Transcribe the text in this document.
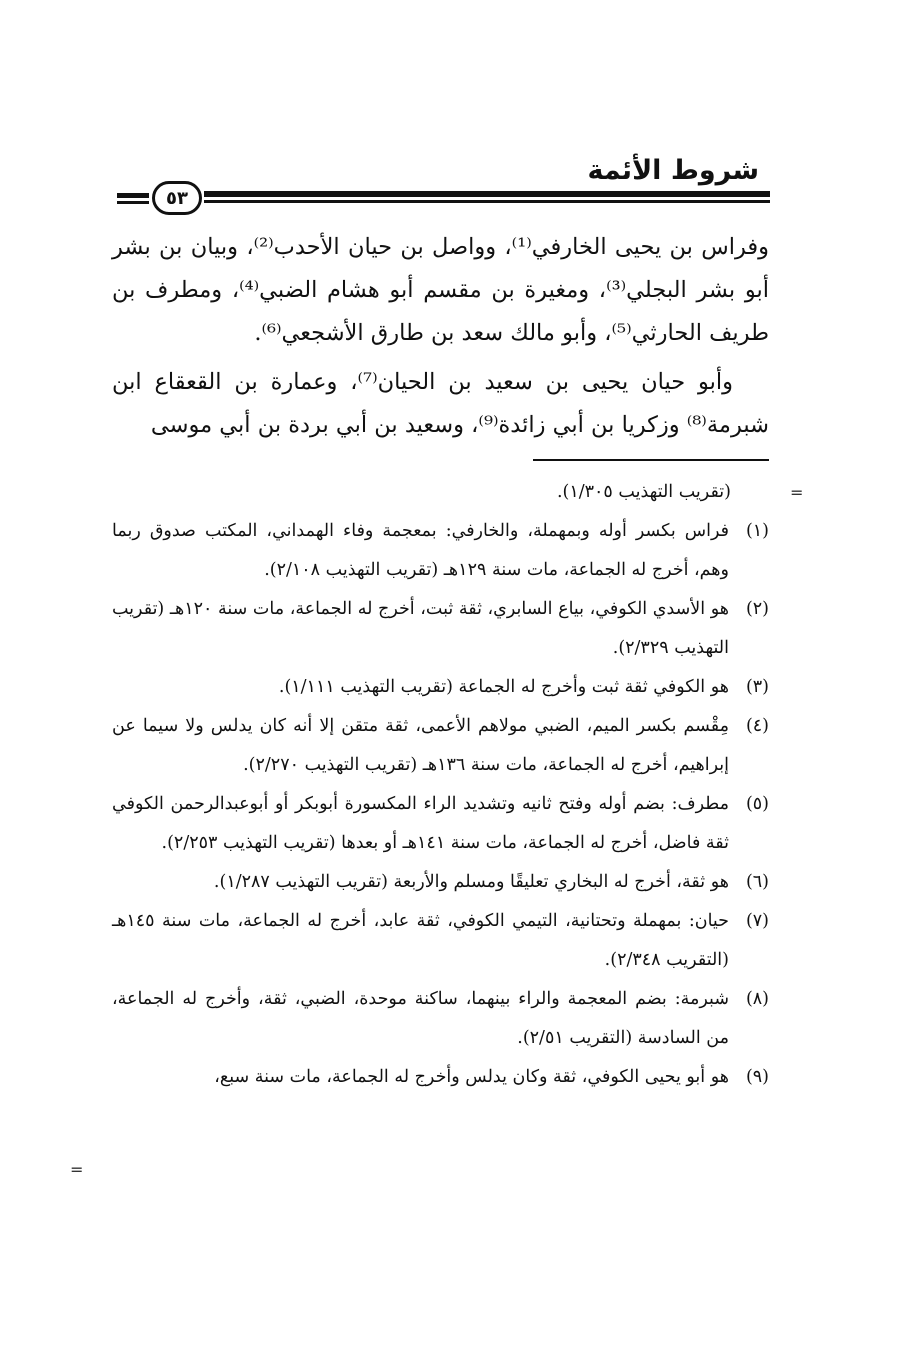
شروط الأئمة
٥٣

وفراس بن يحيى الخارفي⁽¹⁾، وواصل بن حيان الأحدب⁽²⁾، وبيان بن بشر أبو بشر البجلي⁽³⁾، ومغيرة بن مقسم أبو هشام الضبي⁽⁴⁾، ومطرف بن طريف الحارثي⁽⁵⁾، وأبو مالك سعد بن طارق الأشجعي⁽⁶⁾.

وأبو حيان يحيى بن سعيد بن الحيان⁽⁷⁾، وعمارة بن القعقاع ابن شبرمة⁽⁸⁾ وزكريا بن أبي زائدة⁽⁹⁾، وسعيد بن أبي بردة بن أبي موسى

=
=

(تقريب التهذيب ١/٣٠٥).

(١)
فراس بكسر أوله وبمهملة، والخارفي: بمعجمة وفاء الهمداني، المكتب صدوق ربما وهم، أخرج له الجماعة، مات سنة ١٢٩هـ (تقريب التهذيب ٢/١٠٨).
(٢)
هو الأسدي الكوفي، بياع السابري، ثقة ثبت، أخرج له الجماعة، مات سنة ١٢٠هـ (تقريب التهذيب ٢/٣٢٩).
(٣)
هو الكوفي ثقة ثبت وأخرج له الجماعة (تقريب التهذيب ١/١١١).
(٤)
مِقْسم بكسر الميم، الضبي مولاهم الأعمى، ثقة متقن إلا أنه كان يدلس ولا سيما عن إبراهيم، أخرج له الجماعة، مات سنة ١٣٦هـ (تقريب التهذيب ٢/٢٧٠).
(٥)
مطرف: بضم أوله وفتح ثانيه وتشديد الراء المكسورة أبوبكر أو أبوعبدالرحمن الكوفي ثقة فاضل، أخرج له الجماعة، مات سنة ١٤١هـ أو بعدها (تقريب التهذيب ٢/٢٥٣).
(٦)
هو ثقة، أخرج له البخاري تعليقًا ومسلم والأربعة (تقريب التهذيب ١/٢٨٧).
(٧)
حيان: بمهملة وتحتانية، التيمي الكوفي، ثقة عابد، أخرج له الجماعة، مات سنة ١٤٥هـ (التقريب ٢/٣٤٨).
(٨)
شبرمة: بضم المعجمة والراء بينهما، ساكنة موحدة، الضبي، ثقة، وأخرج له الجماعة، من السادسة (التقريب ٢/٥١).
(٩)
هو أبو يحيى الكوفي، ثقة وكان يدلس وأخرج له الجماعة، مات سنة سبع،
